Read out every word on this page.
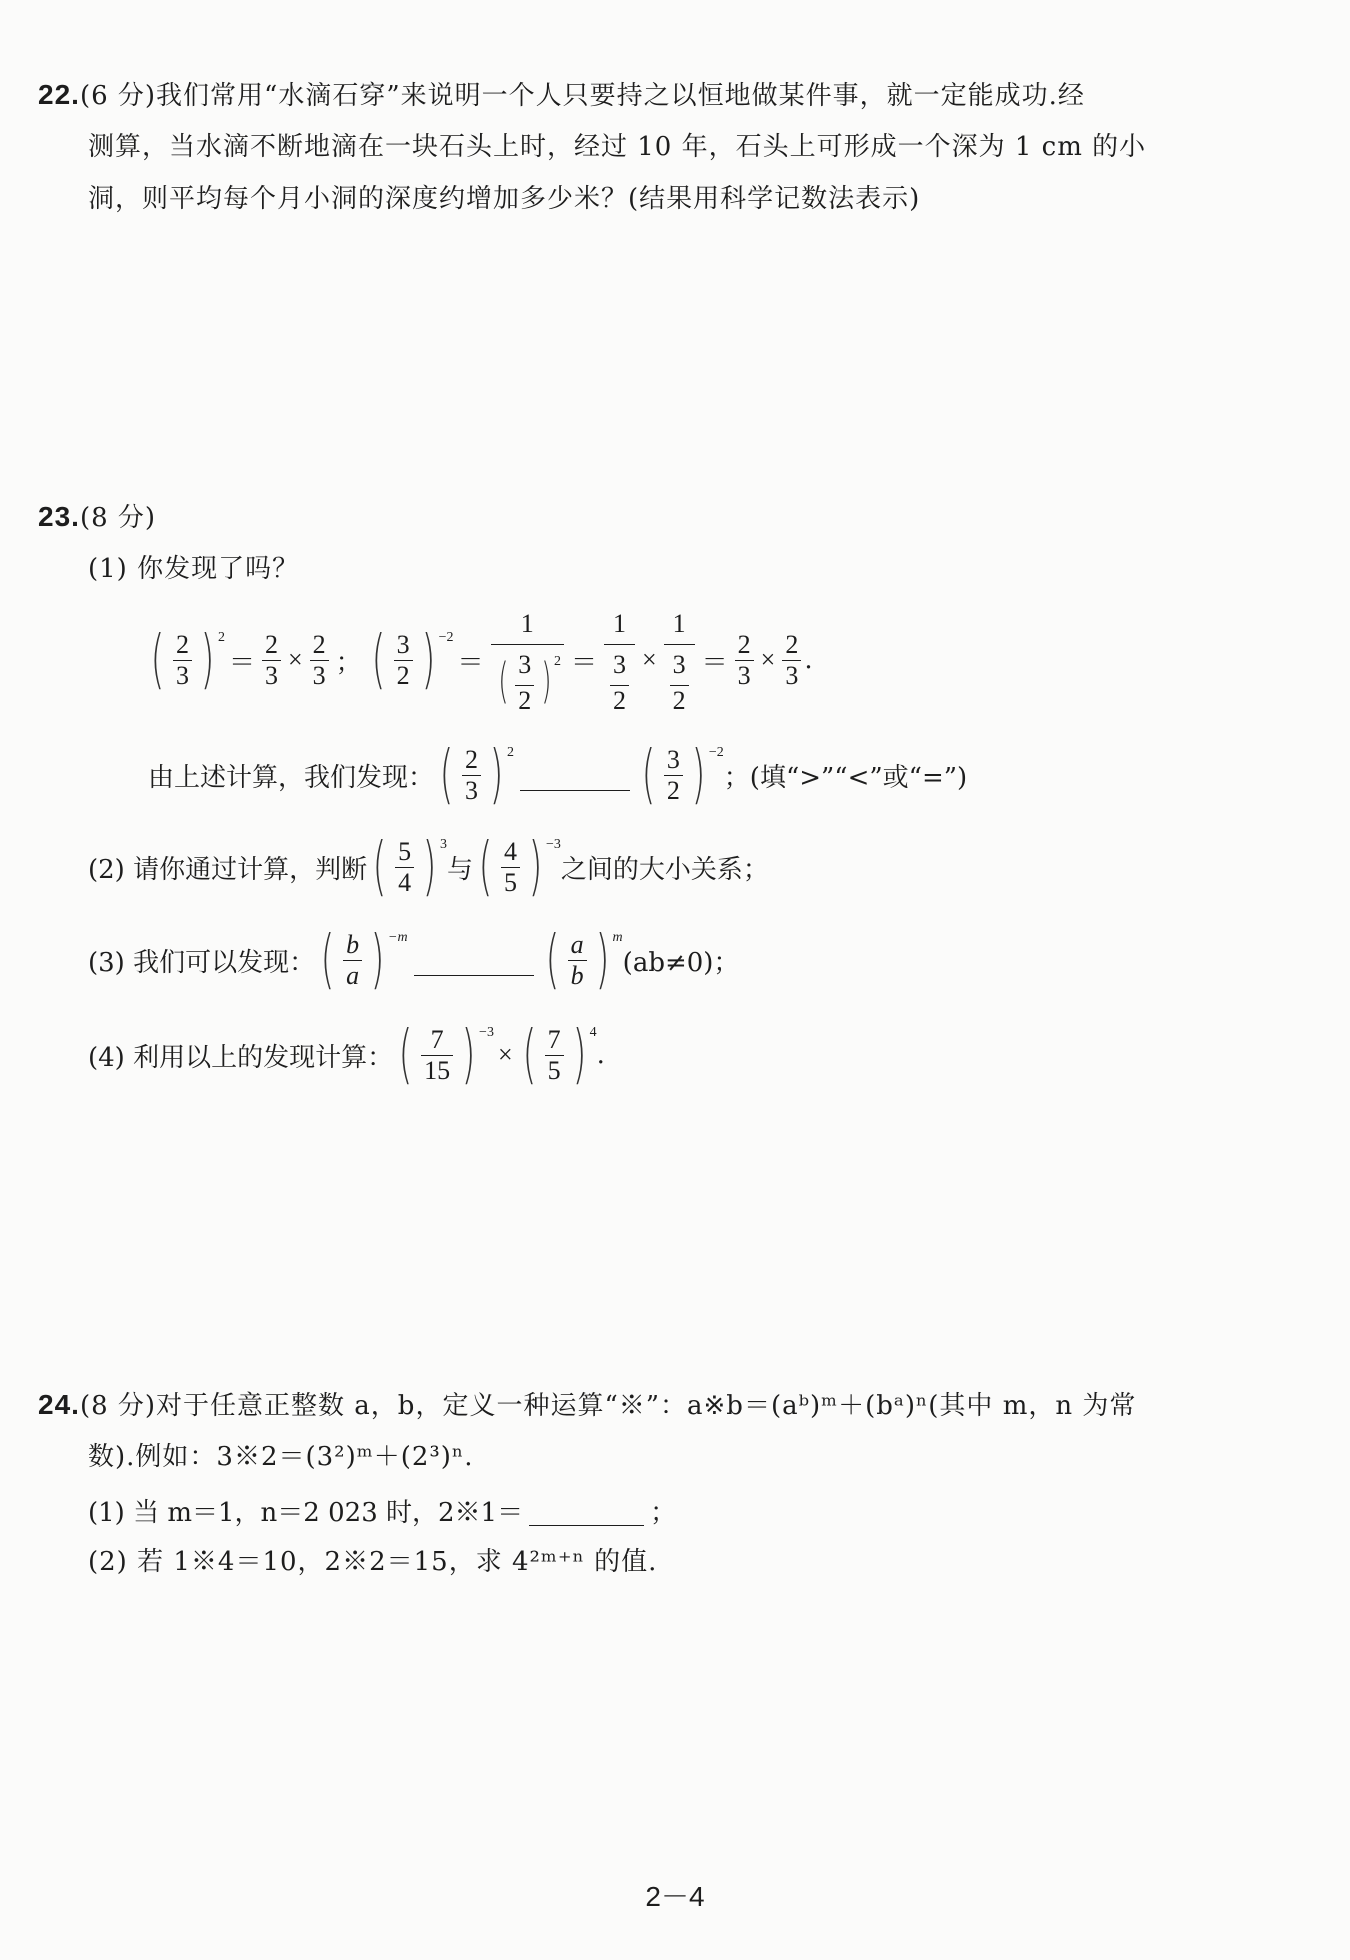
22.(6 分)我们常用“水滴石穿”来说明一个人只要持之以恒地做某件事，就一定能成功.经
测算，当水滴不断地滴在一块石头上时，经过 10 年，石头上可形成一个深为 1 cm 的小
洞，则平均每个月小洞的深度约增加多少米？(结果用科学记数法表示)
23.(8 分)
(1) 你发现了吗？
( $\frac{2}{3}$ ) 2
＝ $\frac{2}{3} \times \frac{2}{3}$ ； ( $\frac{3}{2}$ ) −2
＝ $\frac{1}{( \frac{3}{2} ) 2} = \frac{1}{\frac{3}{2}} \times \frac{1}{\frac{3}{2}} = \frac{2}{3} \times \frac{2}{3}$ .
由上述计算，我们发现： ( $\frac{2}{3}$ ) 2 ( $\frac{3}{2}$ ) −2
；(填“>”“<”或“=”)
(2) 请你通过计算，判断 ( $\frac{5}{4}$ ) 3
与 ( $\frac{4}{5}$ ) −3
之间的大小关系；
(3) 我们可以发现： ( $\frac{b}{a}$ ) −m ( $\frac{a}{b}$ ) m
(ab≠0)；
(4) 利用以上的发现计算： ( $\frac{7}{15}$ ) −3
× ( $\frac{7}{5}$ ) 4
.
24.(8 分)对于任意正整数 a，b，定义一种运算“※”：a※b＝(aᵇ)ᵐ＋(bᵃ)ⁿ(其中 m，n 为常
数).例如：3※2＝(3²)ᵐ＋(2³)ⁿ.
(1) 当 m＝1，n＝2 023 时，2※1＝	；
(2) 若 1※4＝10，2※2＝15，求 4²ᵐ⁺ⁿ 的值.
2－4
